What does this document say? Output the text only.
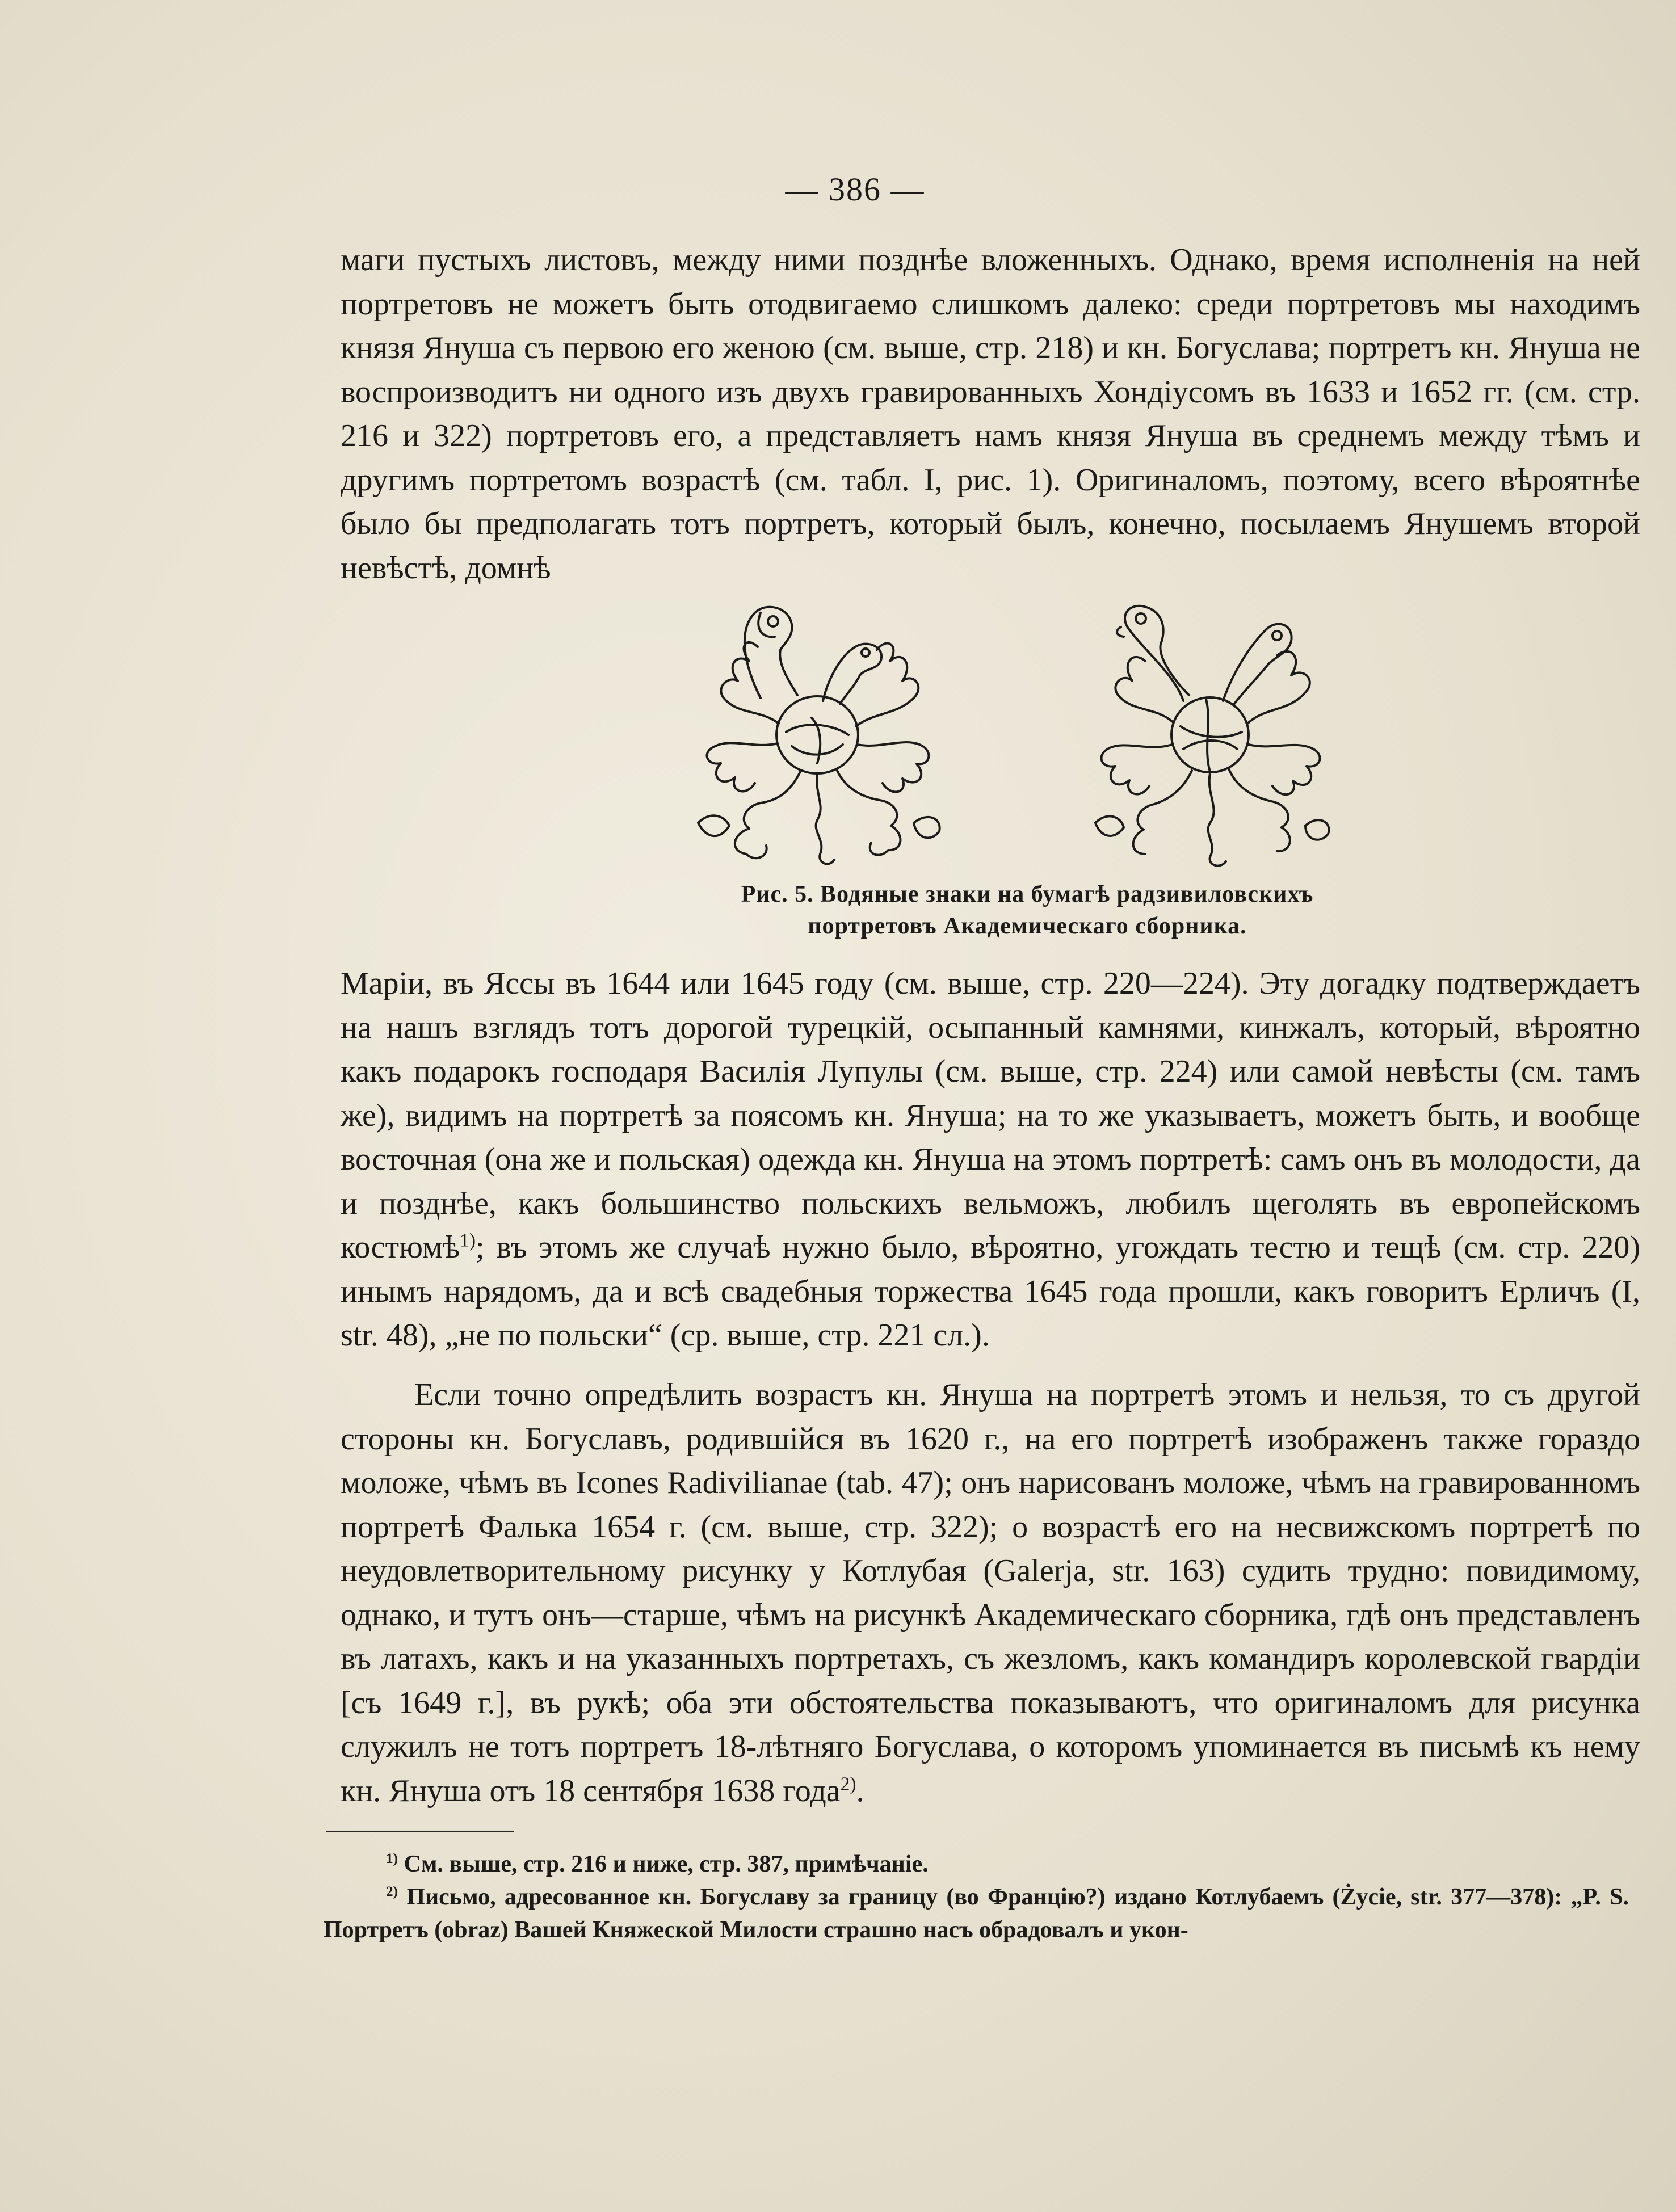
— 386 —

маги пустыхъ листовъ, между ними позднѣе вложенныхъ. Однако, время исполненія на ней портретовъ не можетъ быть отодвигаемо слишкомъ далеко: среди портретовъ мы находимъ князя Януша съ первою его женою (см. выше, стр. 218) и кн. Богуслава; портретъ кн. Януша не воспроизводитъ ни одного изъ двухъ гравированныхъ Хондіусомъ въ 1633 и 1652 гг. (см. стр. 216 и 322) портретовъ его, а представляетъ намъ князя Януша въ среднемъ между тѣмъ и другимъ портретомъ возрастѣ (см. табл. I, рис. 1). Оригиналомъ, поэтому, всего вѣроятнѣе было бы предполагать тотъ портретъ, который былъ, конечно, посылаемъ Янушемъ второй невѣстѣ, домнѣ

Рис. 5. Водяные знаки на бумагѣ радзивиловскихъ
портретовъ Академическаго сборника.

Маріи, въ Яссы въ 1644 или 1645 году (см. выше, стр. 220—224). Эту догадку подтверждаетъ на нашъ взглядъ тотъ дорогой турецкій, осыпанный камнями, кинжалъ, который, вѣроятно какъ подарокъ господаря Василія Лупулы (см. выше, стр. 224) или самой невѣсты (см. тамъ же), видимъ на портретѣ за поясомъ кн. Януша; на то же указываетъ, можетъ быть, и вообще восточная (она же и польская) одежда кн. Януша на этомъ портретѣ: самъ онъ въ молодости, да и позднѣе, какъ большинство польскихъ вельможъ, любилъ щеголять въ европейскомъ костюмѣ$^{1)}$; въ этомъ же случаѣ нужно было, вѣроятно, угождать тестю и тещѣ (см. стр. 220) инымъ нарядомъ, да и всѣ свадебныя торжества 1645 года прошли, какъ говоритъ Ерличъ (I, str. 48), „не по польски“ (ср. выше, стр. 221 сл.).

Если точно опредѣлить возрастъ кн. Януша на портретѣ этомъ и нельзя, то съ другой стороны кн. Богуславъ, родившійся въ 1620 г., на его портретѣ изображенъ также гораздо моложе, чѣмъ въ Icones Radivilianae (tab. 47); онъ нарисованъ моложе, чѣмъ на гравированномъ портретѣ Фалька 1654 г. (см. выше, стр. 322); о возрастѣ его на несвижскомъ портретѣ по неудовлетворительному рисунку у Котлубая (Galerja, str. 163) судить трудно: повидимому, однако, и тутъ онъ—старше, чѣмъ на рисункѣ Академическаго сборника, гдѣ онъ представленъ въ латахъ, какъ и на указанныхъ портретахъ, съ жезломъ, какъ командиръ королевской гвардіи [съ 1649 г.], въ рукѣ; оба эти обстоятельства показываютъ, что оригиналомъ для рисунка служилъ не тотъ портретъ 18-лѣтняго Богуслава, о которомъ упоминается въ письмѣ къ нему кн. Януша отъ 18 сентября 1638 года$^{2)}$.

$^{1)}$ См. выше, стр. 216 и ниже, стр. 387, примѣчаніе.

$^{2)}$ Письмо, адресованное кн. Богуславу за границу (во Францію?) издано Котлубаемъ (Życie, str. 377—378): „P. S. Портретъ (obraz) Вашей Княжеской Милости страшно насъ обрадовалъ и укон-
